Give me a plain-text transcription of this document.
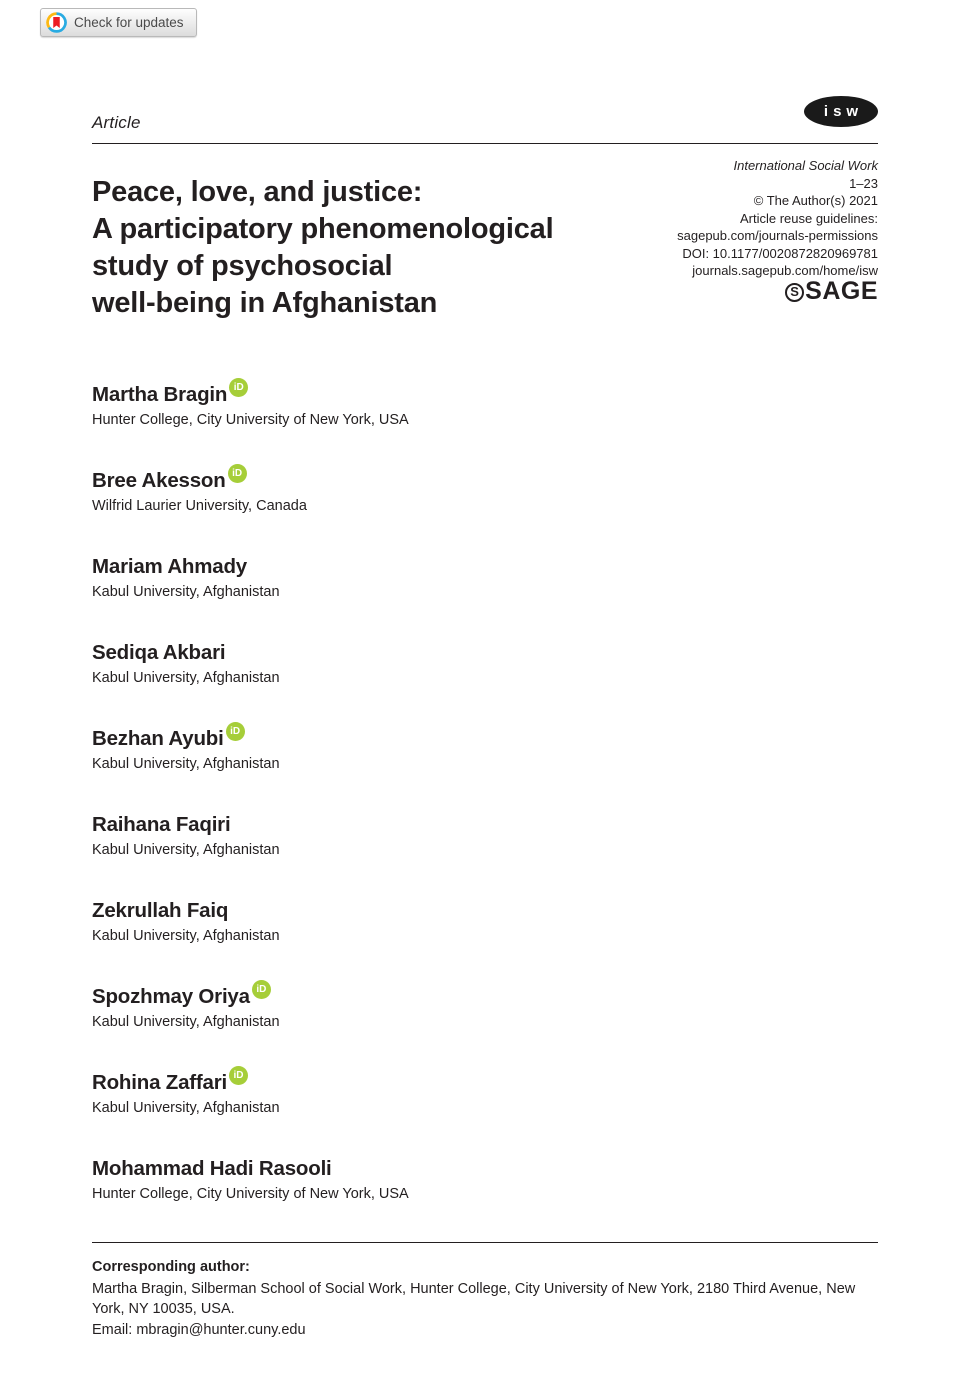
Check for updates
Article
isw
Peace, love, and justice:
A participatory phenomenological
study of psychosocial
well-being in Afghanistan
International Social Work
1–23
© The Author(s) 2021
Article reuse guidelines:
sagepub.com/journals-permissions
DOI: 10.1177/0020872820969781
journals.sagepub.com/home/isw
S SAGE
Martha Bragin iD
Hunter College, City University of New York, USA
Bree Akesson iD
Wilfrid Laurier University, Canada
Mariam Ahmady
Kabul University, Afghanistan
Sediqa Akbari
Kabul University, Afghanistan
Bezhan Ayubi iD
Kabul University, Afghanistan
Raihana Faqiri
Kabul University, Afghanistan
Zekrullah Faiq
Kabul University, Afghanistan
Spozhmay Oriya iD
Kabul University, Afghanistan
Rohina Zaffari iD
Kabul University, Afghanistan
Mohammad Hadi Rasooli
Hunter College, City University of New York, USA
Corresponding author:
Martha Bragin, Silberman School of Social Work, Hunter College, City University of New York, 2180 Third Avenue, New York, NY 10035, USA.
Email: mbragin@hunter.cuny.edu
